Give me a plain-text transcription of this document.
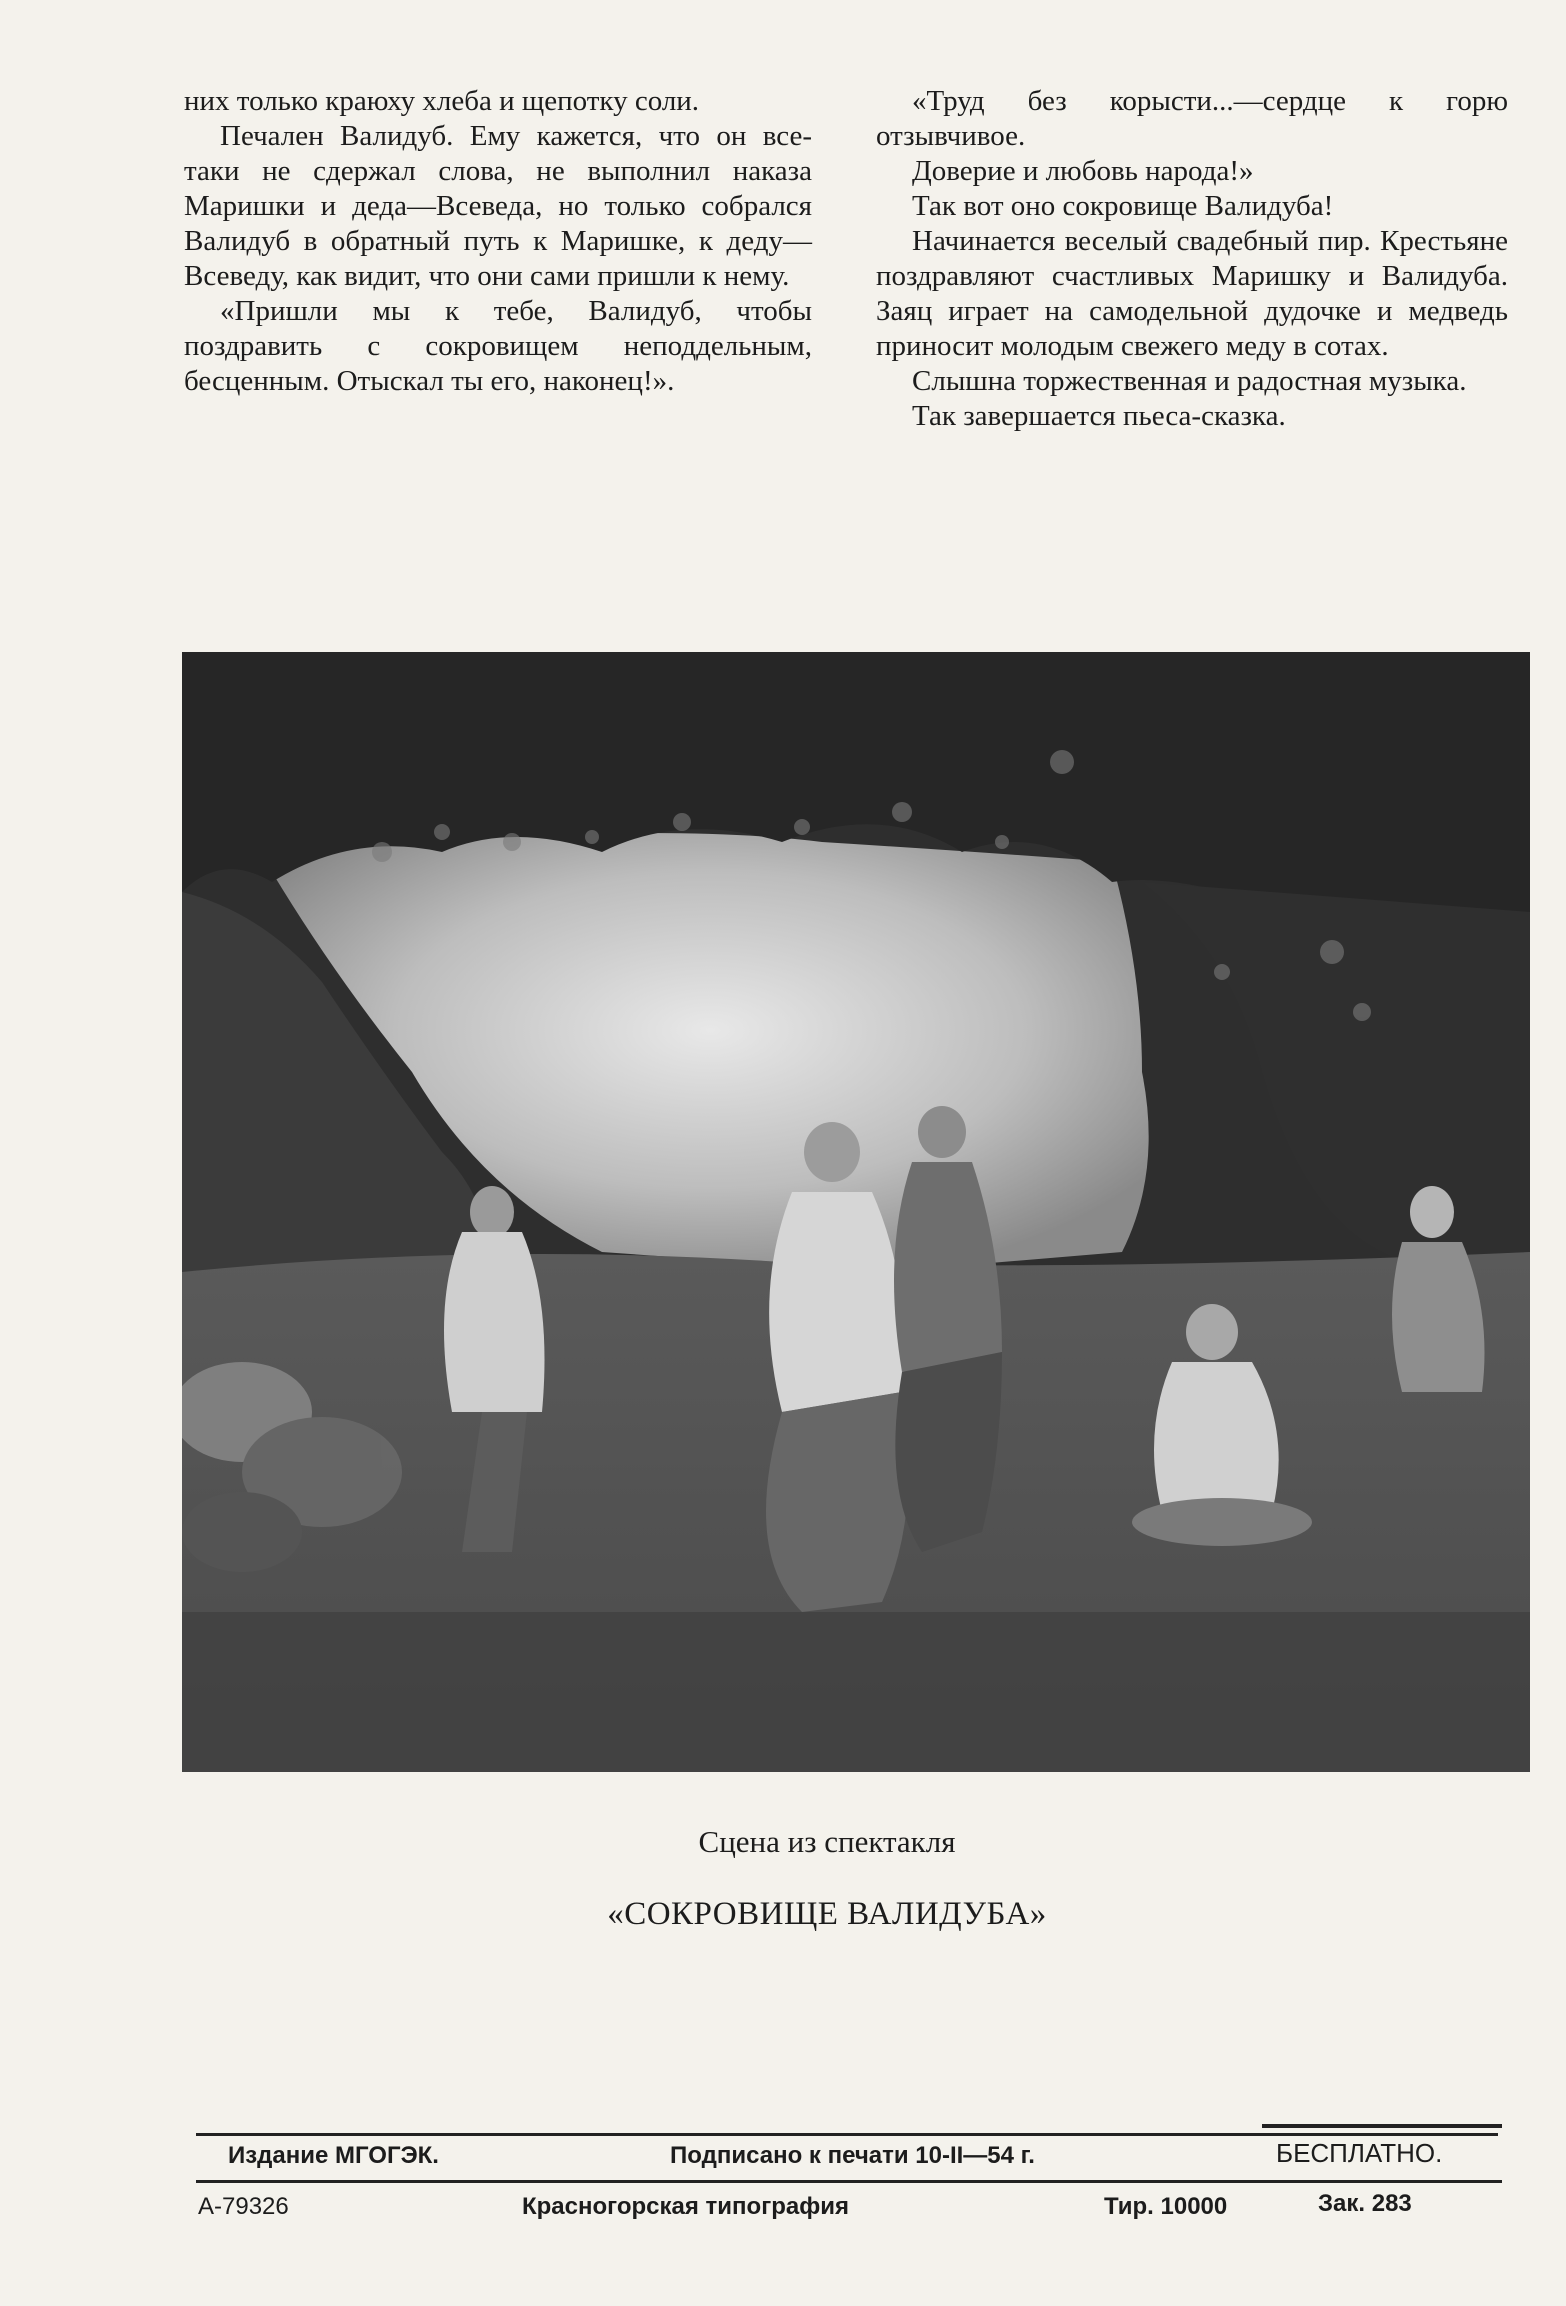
них только краюху хлеба и щепотку соли.

Печален Валидуб. Ему кажется, что он все-таки не сдержал слова, не выполнил наказа Маришки и деда—Всеведа, но только собрался Валидуб в обратный путь к Маришке, к деду—Всеведу, как видит, что они сами пришли к нему.

«Пришли мы к тебе, Валидуб, чтобы поздравить с сокровищем неподдельным, бесценным. Отыскал ты его, наконец!».

«Труд без корысти...—сердце к горю отзывчивое.

Доверие и любовь народа!»

Так вот оно сокровище Валидуба!

Начинается веселый свадебный пир. Крестьяне поздравляют счастливых Маришку и Валидуба. Заяц играет на самодельной дудочке и медведь приносит молодым свежего меду в сотах.

Слышна торжественная и радостная музыка.

Так завершается пьеса-сказка.

Сцена из спектакля
«СОКРОВИЩЕ ВАЛИДУБА»
Издание МГОГЭК.	Подписано к печати 10-II—54 г.	БЕСПЛАТНО.
А-79326	Красногорская типография	Тир. 10000	Зак. 283
